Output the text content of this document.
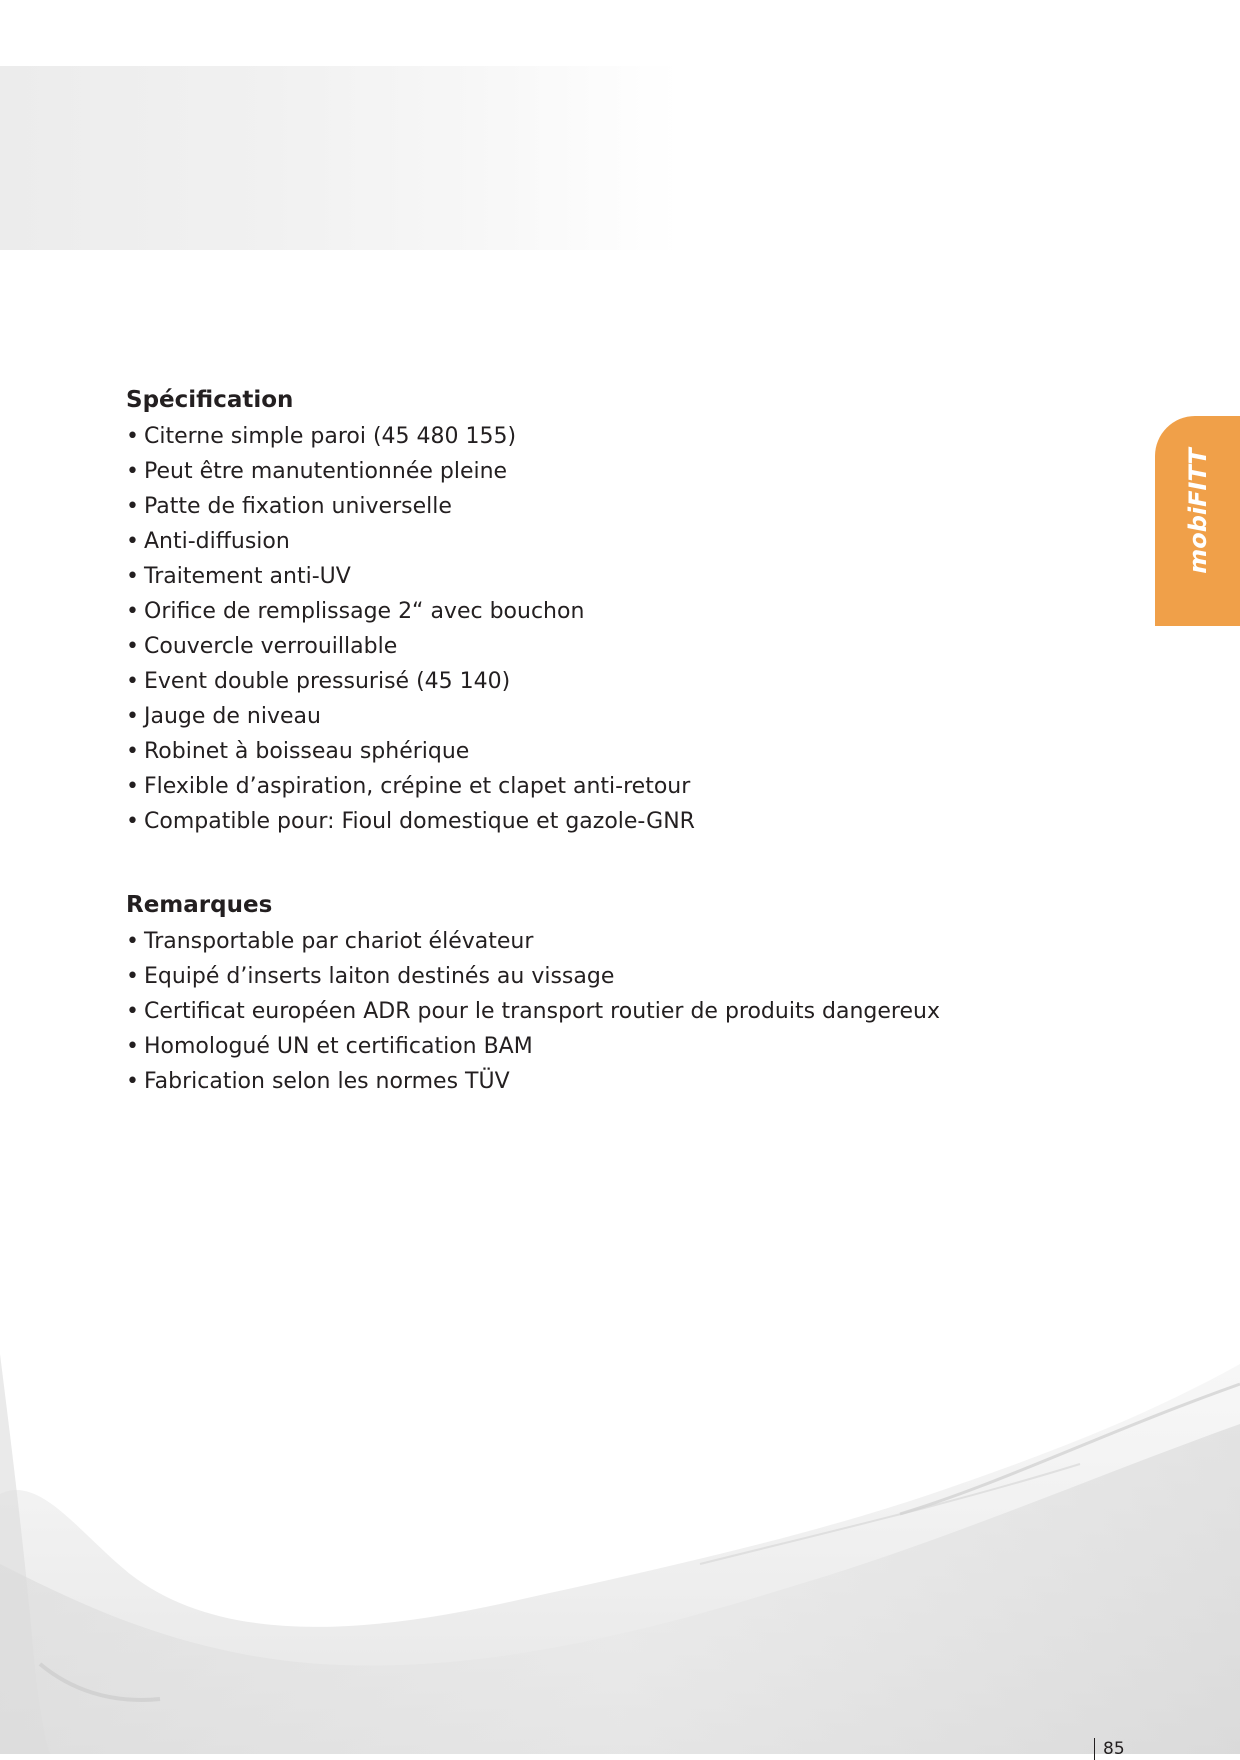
Spécification
• Citerne simple paroi (45 480 155)
• Peut être manutentionnée pleine
• Patte de fixation universelle
• Anti-diffusion
• Traitement anti-UV
• Orifice de remplissage 2“ avec bouchon
• Couvercle verrouillable
• Event double pressurisé (45 140)
• Jauge de niveau
• Robinet à boisseau sphérique
• Flexible d’aspiration, crépine et clapet anti-retour
• Compatible pour: Fioul domestique et gazole-GNR
Remarques
• Transportable par chariot élévateur
• Equipé d’inserts laiton destinés au vissage
• Certificat européen ADR pour le transport routier de produits dangereux
• Homologué UN et certification BAM
• Fabrication selon les normes TÜV
mobiFITT
85
